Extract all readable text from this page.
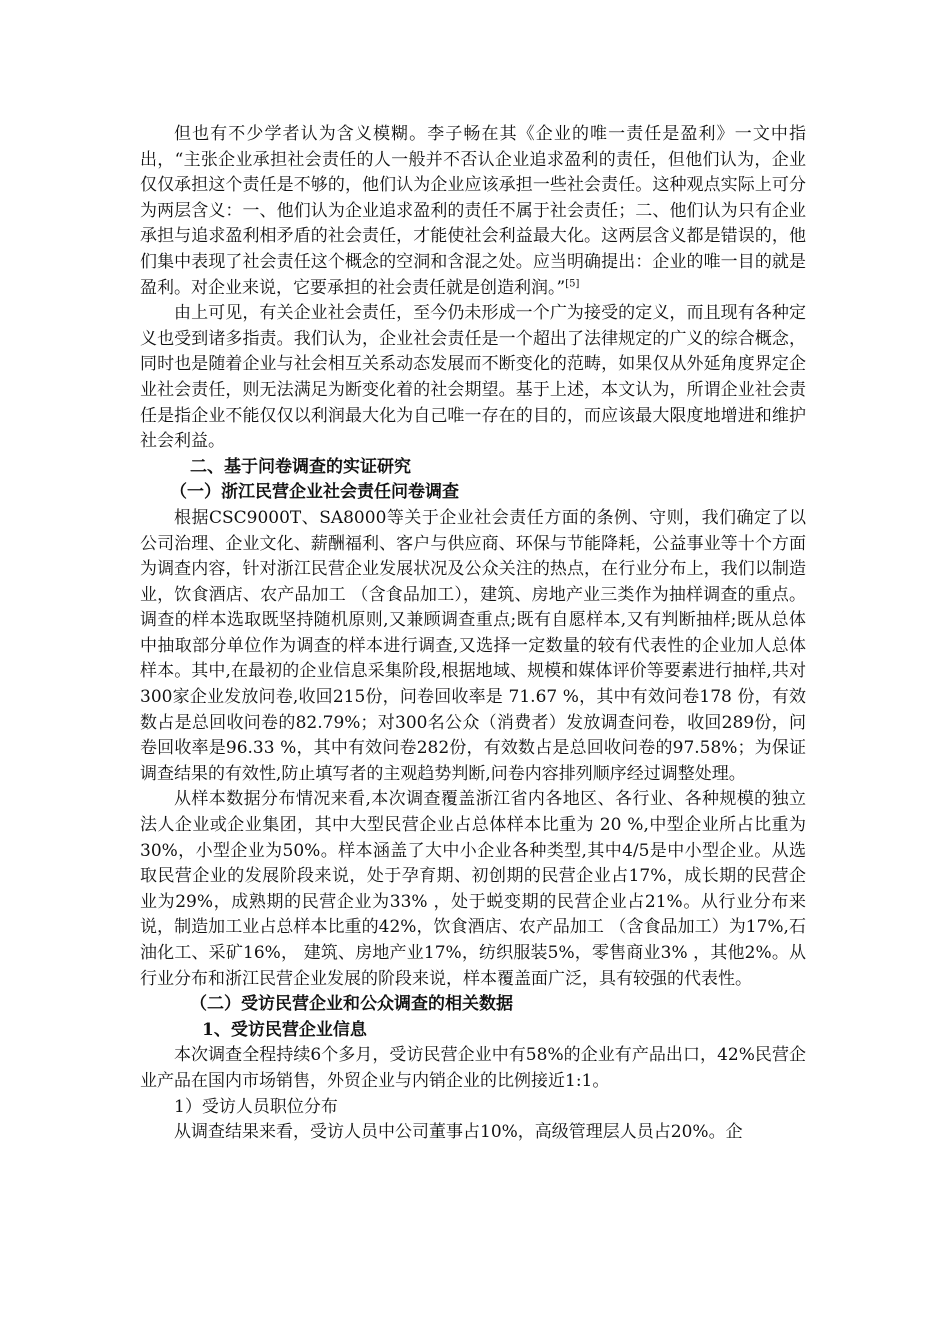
但也有不少学者认为含义模糊。李子畅在其《企业的唯一责任是盈利》一文中指出，“主张企业承担社会责任的人一般并不否认企业追求盈利的责任，但他们认为，企业仅仅承担这个责任是不够的，他们认为企业应该承担一些社会责任。这种观点实际上可分为两层含义：一、他们认为企业追求盈利的责任不属于社会责任；二、他们认为只有企业承担与追求盈利相矛盾的社会责任，才能使社会利益最大化。这两层含义都是错误的，他们集中表现了社会责任这个概念的空洞和含混之处。应当明确提出：企业的唯一目的就是盈利。对企业来说，它要承担的社会责任就是创造利润。”[5]

由上可见，有关企业社会责任，至今仍未形成一个广为接受的定义，而且现有各种定义也受到诸多指责。我们认为，企业社会责任是一个超出了法律规定的广义的综合概念，同时也是随着企业与社会相互关系动态发展而不断变化的范畴，如果仅从外延角度界定企业社会责任，则无法满足为断变化着的社会期望。基于上述，本文认为，所谓企业社会责任是指企业不能仅仅以利润最大化为自己唯一存在的目的，而应该最大限度地增进和维护社会利益。

二、基于问卷调查的实证研究

（一）浙江民营企业社会责任问卷调查

根据CSC9000T、SA8000等关于企业社会责任方面的条例、守则，我们确定了以公司治理、企业文化、薪酬福利、客户与供应商、环保与节能降耗，公益事业等十个方面为调查内容，针对浙江民营企业发展状况及公众关注的热点，在行业分布上，我们以制造业，饮食酒店、农产品加工 （含食品加工），建筑、房地产业三类作为抽样调查的重点。调查的样本选取既坚持随机原则,又兼顾调查重点;既有自愿样本,又有判断抽样;既从总体中抽取部分单位作为调查的样本进行调查,又选择一定数量的较有代表性的企业加人总体样本。其中,在最初的企业信息采集阶段,根据地域、规模和媒体评价等要素进行抽样,共对300家企业发放问卷,收回215份，问卷回收率是 71.67 %，其中有效问卷178 份，有效数占是总回收问卷的82.79%；对300名公众（消费者）发放调查问卷，收回289份，问卷回收率是96.33 %，其中有效问卷282份，有效数占是总回收问卷的97.58%；为保证调查结果的有效性,防止填写者的主观趋势判断,问卷内容排列顺序经过调整处理。

从样本数据分布情况来看,本次调查覆盖浙江省内各地区、各行业、各种规模的独立法人企业或企业集团，其中大型民营企业占总体样本比重为 20 %,中型企业所占比重为30%，小型企业为50%。样本涵盖了大中小企业各种类型,其中4/5是中小型企业。从选取民营企业的发展阶段来说，处于孕育期、初创期的民营企业占17%，成长期的民营企业为29%，成熟期的民营企业为33% ，处于蜕变期的民营企业占21%。从行业分布来说，制造加工业占总样本比重的42%，饮食酒店、农产品加工 （含食品加工）为17%,石油化工、采矿16%， 建筑、房地产业17%，纺织服装5%，零售商业3% ，其他2%。从行业分布和浙江民营企业发展的阶段来说，样本覆盖面广泛，具有较强的代表性。

（二）受访民营企业和公众调查的相关数据

1、受访民营企业信息

本次调查全程持续6个多月，受访民营企业中有58%的企业有产品出口，42%民营企业产品在国内市场销售，外贸企业与内销企业的比例接近1:1。

1）受访人员职位分布

从调查结果来看，受访人员中公司董事占10%，高级管理层人员占20%。企
